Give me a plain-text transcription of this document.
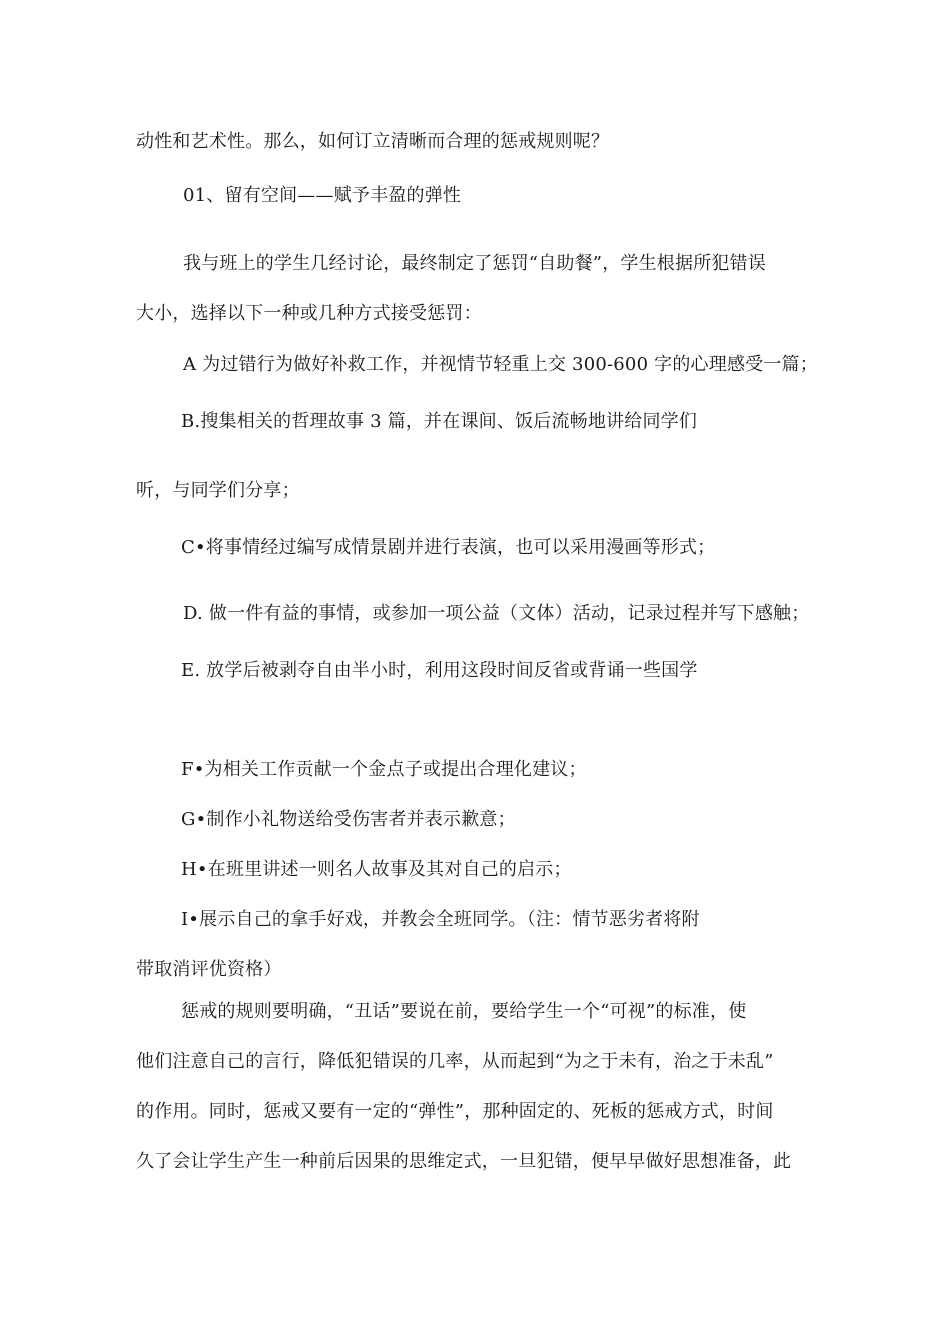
动性和艺术性。那么，如何订立清晰而合理的惩戒规则呢？
01、留有空间——赋予丰盈的弹性
我与班上的学生几经讨论，最终制定了惩罚“自助餐”，学生根据所犯错误
大小，选择以下一种或几种方式接受惩罚：
A 为过错行为做好补救工作，并视情节轻重上交 300-600 字的心理感受一篇；
B.搜集相关的哲理故事 3 篇，并在课间、饭后流畅地讲给同学们
听，与同学们分享；
C•将事情经过编写成情景剧并进行表演，也可以采用漫画等形式；
D. 做一件有益的事情，或参加一项公益（文体）活动，记录过程并写下感触；
E. 放学后被剥夺自由半小时，利用这段时间反省或背诵一些国学
F•为相关工作贡献一个金点子或提出合理化建议；
G•制作小礼物送给受伤害者并表示歉意；
H•在班里讲述一则名人故事及其对自己的启示；
I•展示自己的拿手好戏，并教会全班同学。（注：情节恶劣者将附
带取消评优资格）
惩戒的规则要明确，“丑话”要说在前，要给学生一个“可视”的标准，使
他们注意自己的言行，降低犯错误的几率，从而起到“为之于未有，治之于未乱”
的作用。同时，惩戒又要有一定的“弹性”，那种固定的、死板的惩戒方式，时间
久了会让学生产生一种前后因果的思维定式，一旦犯错，便早早做好思想准备，此
